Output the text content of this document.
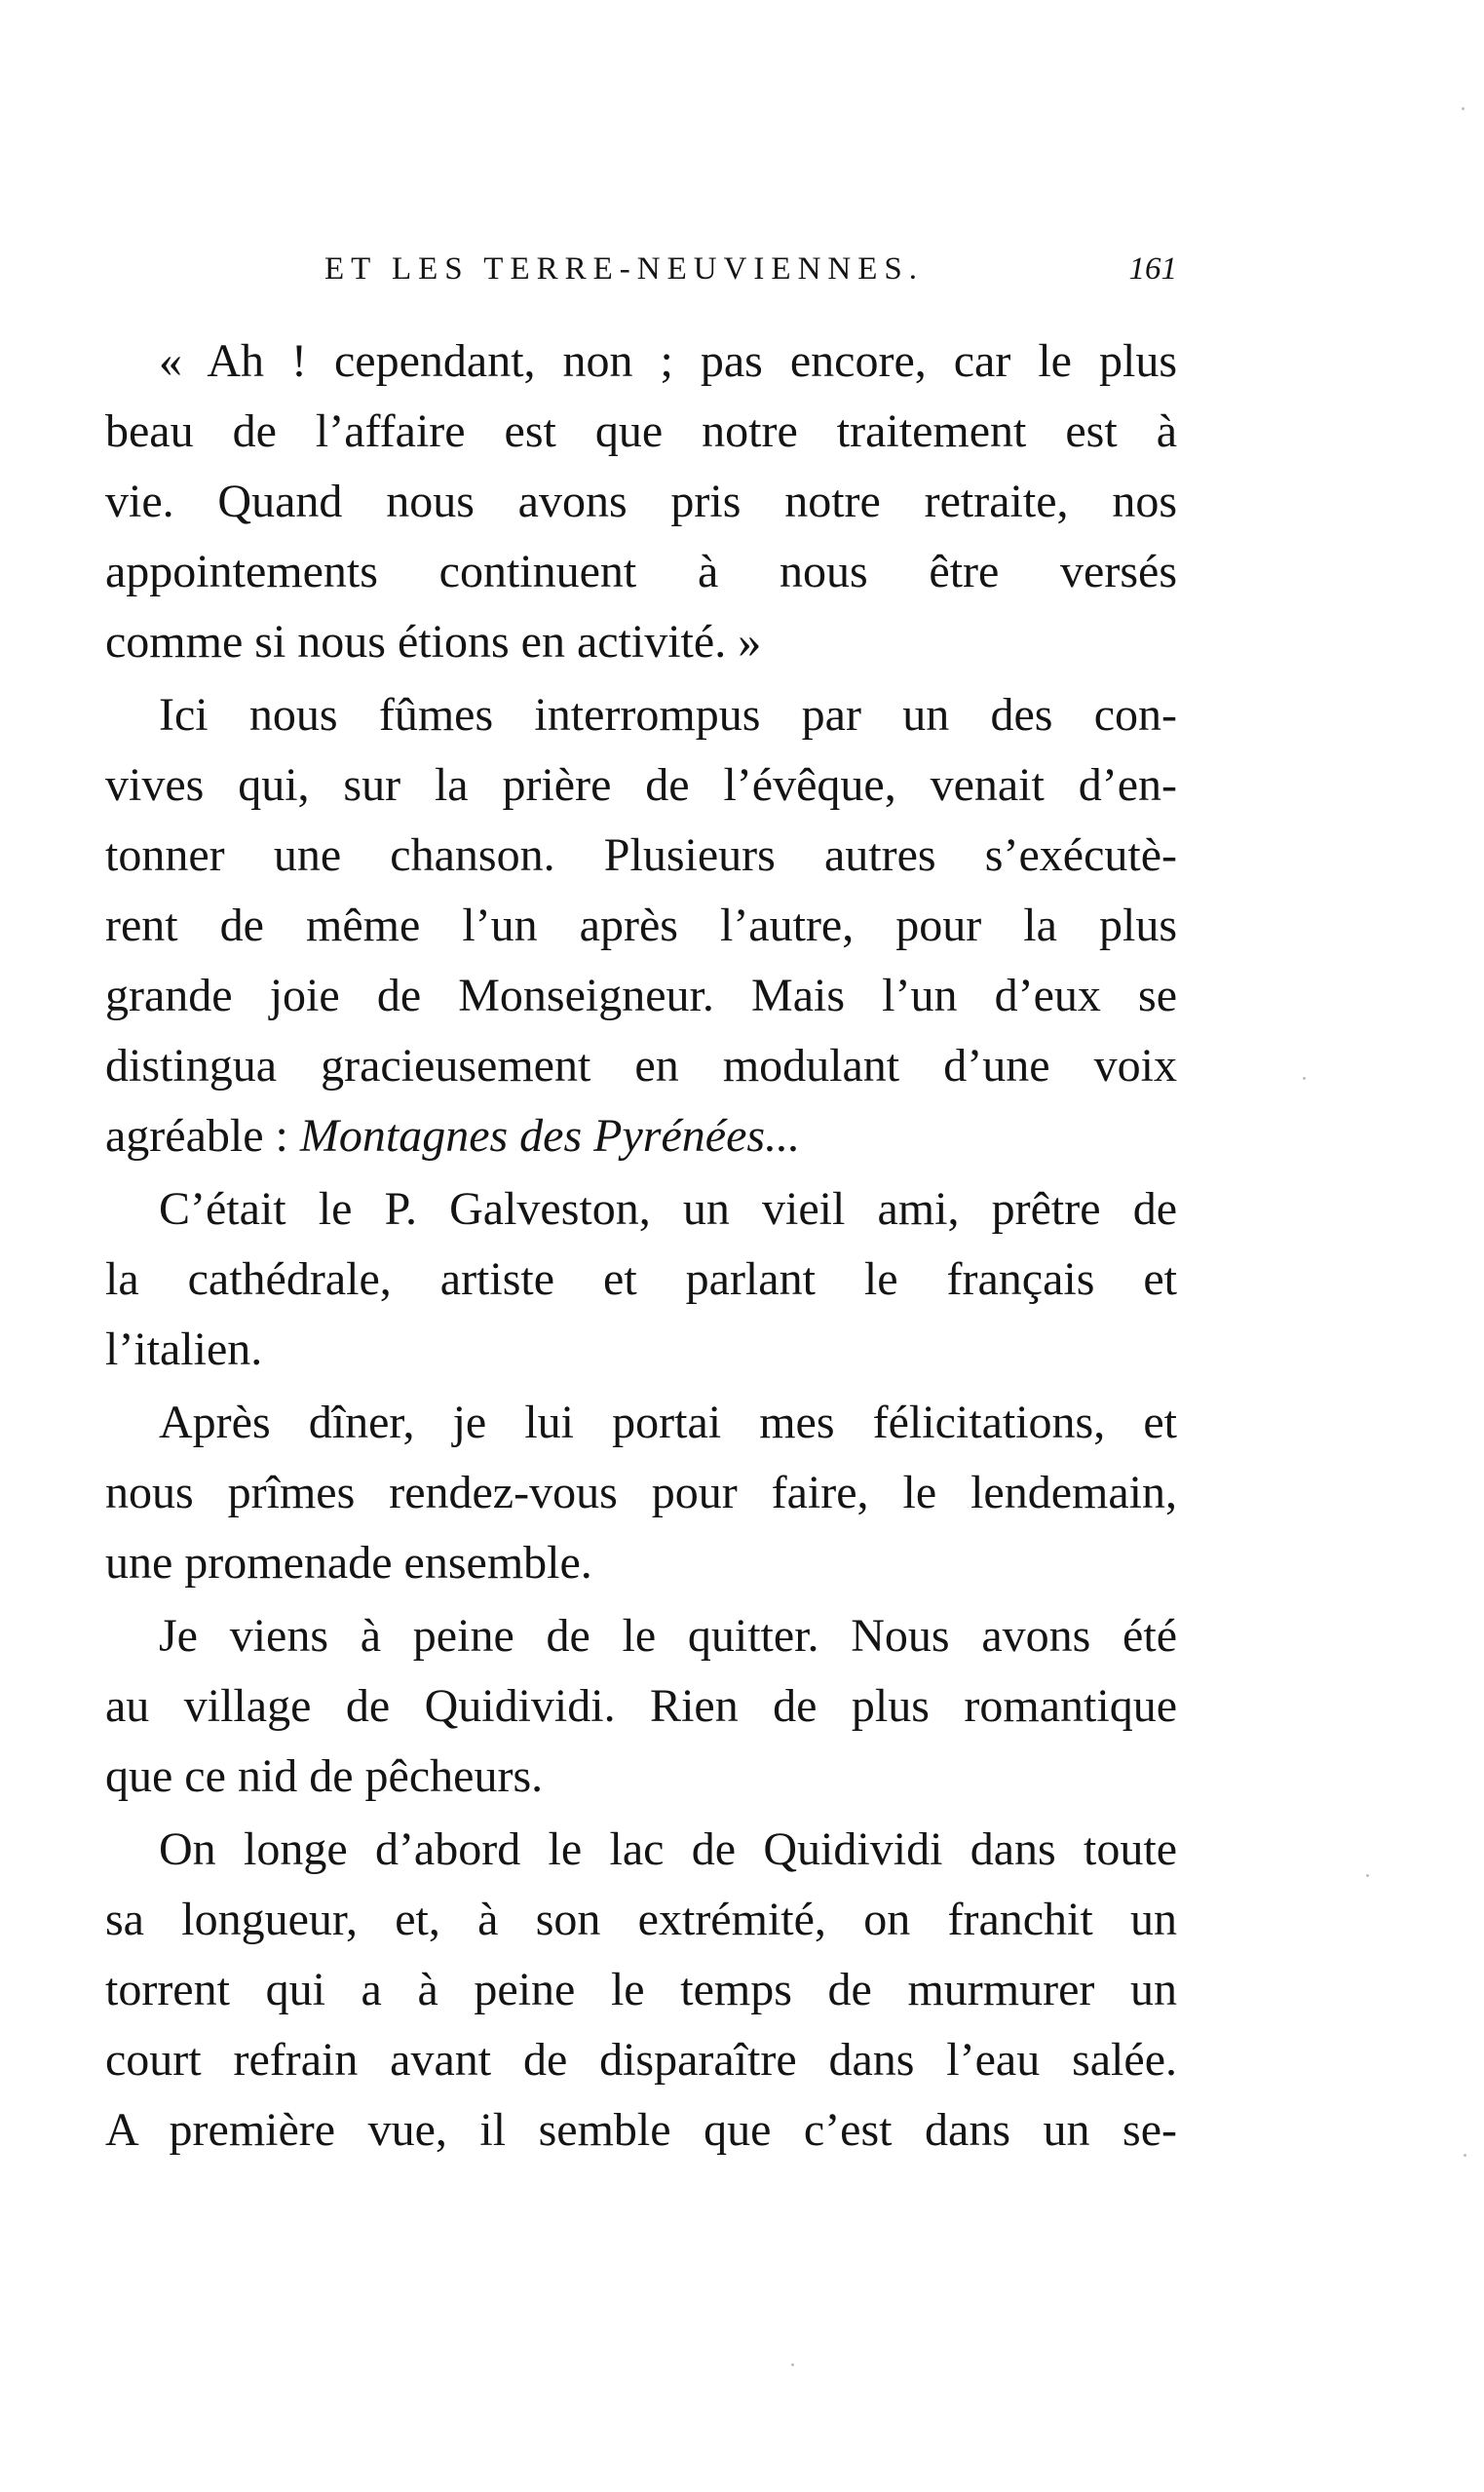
ET LES TERRE-NEUVIENNES.	161
« Ah ! cependant, non ; pas encore, car le plus
beau de l’affaire est que notre traitement est à
vie. Quand nous avons pris notre retraite, nos
appointements continuent à nous être versés
comme si nous étions en activité. »
Ici nous fûmes interrompus par un des con-
vives qui, sur la prière de l’évêque, venait d’en-
tonner une chanson. Plusieurs autres s’exécutè-
rent de même l’un après l’autre, pour la plus
grande joie de Monseigneur. Mais l’un d’eux se
distingua gracieusement en modulant d’une voix
agréable : Montagnes des Pyrénées...
C’était le P. Galveston, un vieil ami, prêtre de
la cathédrale, artiste et parlant le français et
l’italien.
Après dîner, je lui portai mes félicitations, et
nous prîmes rendez-vous pour faire, le lendemain,
une promenade ensemble.
Je viens à peine de le quitter. Nous avons été
au village de Quidividi. Rien de plus romantique
que ce nid de pêcheurs.
On longe d’abord le lac de Quidividi dans toute
sa longueur, et, à son extrémité, on franchit un
torrent qui a à peine le temps de murmurer un
court refrain avant de disparaître dans l’eau salée.
A première vue, il semble que c’est dans un se-
